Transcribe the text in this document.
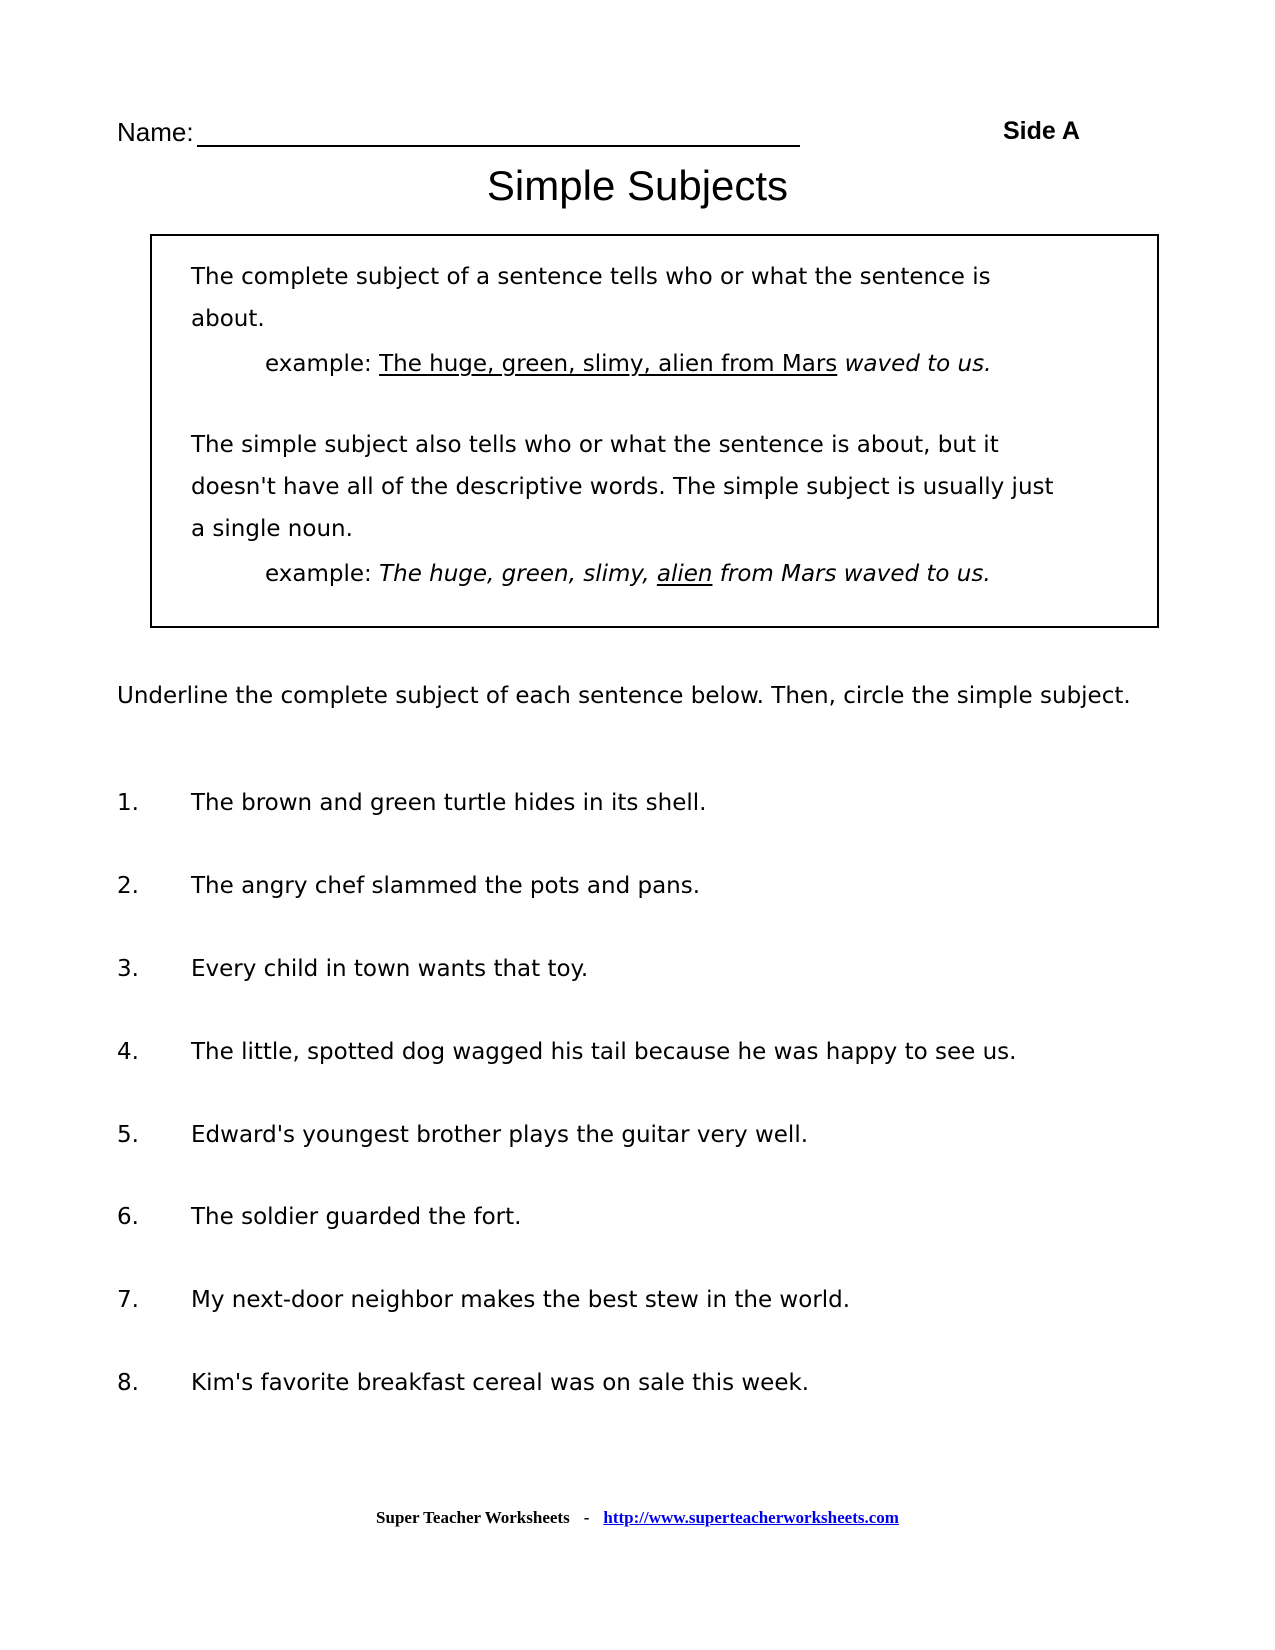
Name:	Side A
Simple Subjects
The complete subject of a sentence tells who or what the sentence is
about.
example: The huge, green, slimy, alien from Mars waved to us.
The simple subject also tells who or what the sentence is about, but it
doesn't have all of the descriptive words. The simple subject is usually just
a single noun.
example: The huge, green, slimy, alien from Mars waved to us.
Underline the complete subject of each sentence below. Then, circle the simple subject.
1. The brown and green turtle hides in its shell.
2. The angry chef slammed the pots and pans.
3. Every child in town wants that toy.
4. The little, spotted dog wagged his tail because he was happy to see us.
5. Edward's youngest brother plays the guitar very well.
6. The soldier guarded the fort.
7. My next-door neighbor makes the best stew in the world.
8. Kim's favorite breakfast cereal was on sale this week.
Super Teacher Worksheets - http://www.superteacherworksheets.com
